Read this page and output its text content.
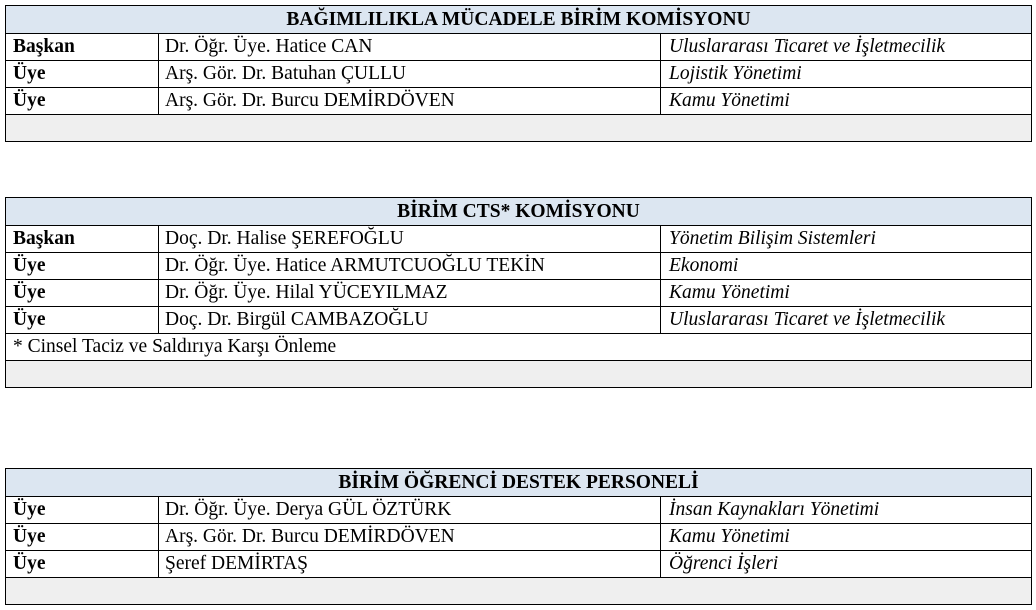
BAĞIMLILIKLA MÜCADELE BİRİM KOMİSYONU		
Başkan	Dr. Öğr. Üye. Hatice CAN	Uluslararası Ticaret ve İşletmecilik
Üye	Arş. Gör. Dr. Batuhan ÇULLU	Lojistik Yönetimi
Üye	Arş. Gör. Dr. Burcu DEMİRDÖVEN	Kamu Yönetimi

BİRİM CTS* KOMİSYONU		
Başkan	Doç. Dr. Halise ŞEREFOĞLU	Yönetim Bilişim Sistemleri
Üye	Dr. Öğr. Üye. Hatice ARMUTCUOĞLU TEKİN	Ekonomi
Üye	Dr. Öğr. Üye. Hilal YÜCEYILMAZ	Kamu Yönetimi
Üye	Doç. Dr. Birgül CAMBAZOĞLU	Uluslararası Ticaret ve İşletmecilik
* Cinsel Taciz ve Saldırıya Karşı Önleme		

BİRİM ÖĞRENCİ DESTEK PERSONELİ		
Üye	Dr. Öğr. Üye. Derya GÜL ÖZTÜRK	İnsan Kaynakları Yönetimi
Üye	Arş. Gör. Dr. Burcu DEMİRDÖVEN	Kamu Yönetimi
Üye	Şeref DEMİRTAŞ	Öğrenci İşleri
